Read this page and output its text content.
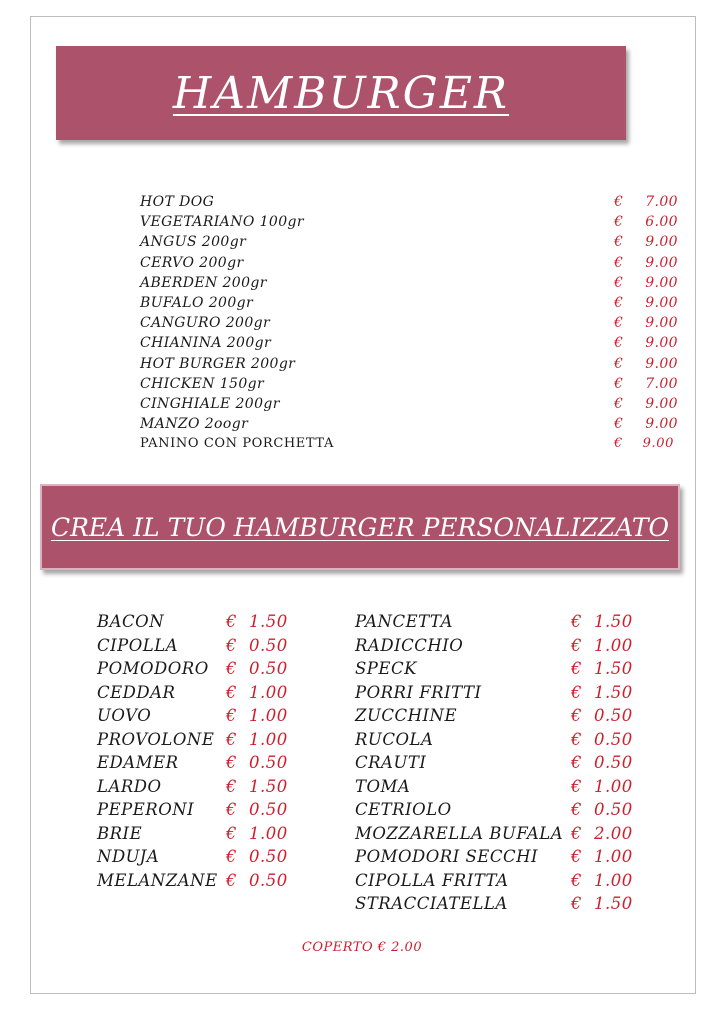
HAMBURGER
HOT DOG	€ 7.00
VEGETARIANO 100gr	€ 6.00
ANGUS 200gr	€ 9.00
CERVO 200gr	€ 9.00
ABERDEN 200gr	€ 9.00
BUFALO 200gr	€ 9.00
CANGURO 200gr	€ 9.00
CHIANINA 200gr	€ 9.00
HOT BURGER 200gr	€ 9.00
CHICKEN 150gr	€ 7.00
CINGHIALE 200gr	€ 9.00
MANZO 2oogr	€ 9.00
PANINO CON PORCHETTA	€ 9.00
CREA IL TUO HAMBURGER PERSONALIZZATO
BACON	€ 1.50
CIPOLLA	€ 0.50
POMODORO € 0.50
CEDDAR	€ 1.00
UOVO	€ 1.00
PROVOLONE € 1.00
EDAMER	€ 0.50
LARDO	€ 1.50
PEPERONI € 0.50
BRIE	€ 1.00
NDUJA	€ 0.50
MELANZANE € 0.50
PANCETTA	€ 1.50
RADICCHIO	€ 1.00
SPECK	€ 1.50
PORRI FRITTI	€ 1.50
ZUCCHINE	€ 0.50
RUCOLA	€ 0.50
CRAUTI	€ 0.50
TOMA	€ 1.00
CETRIOLO	€ 0.50
MOZZARELLA BUFALA € 2.00
POMODORI SECCHI € 1.00
CIPOLLA FRITTA	€ 1.00
STRACCIATELLA	€ 1.50
COPERTO € 2.00
